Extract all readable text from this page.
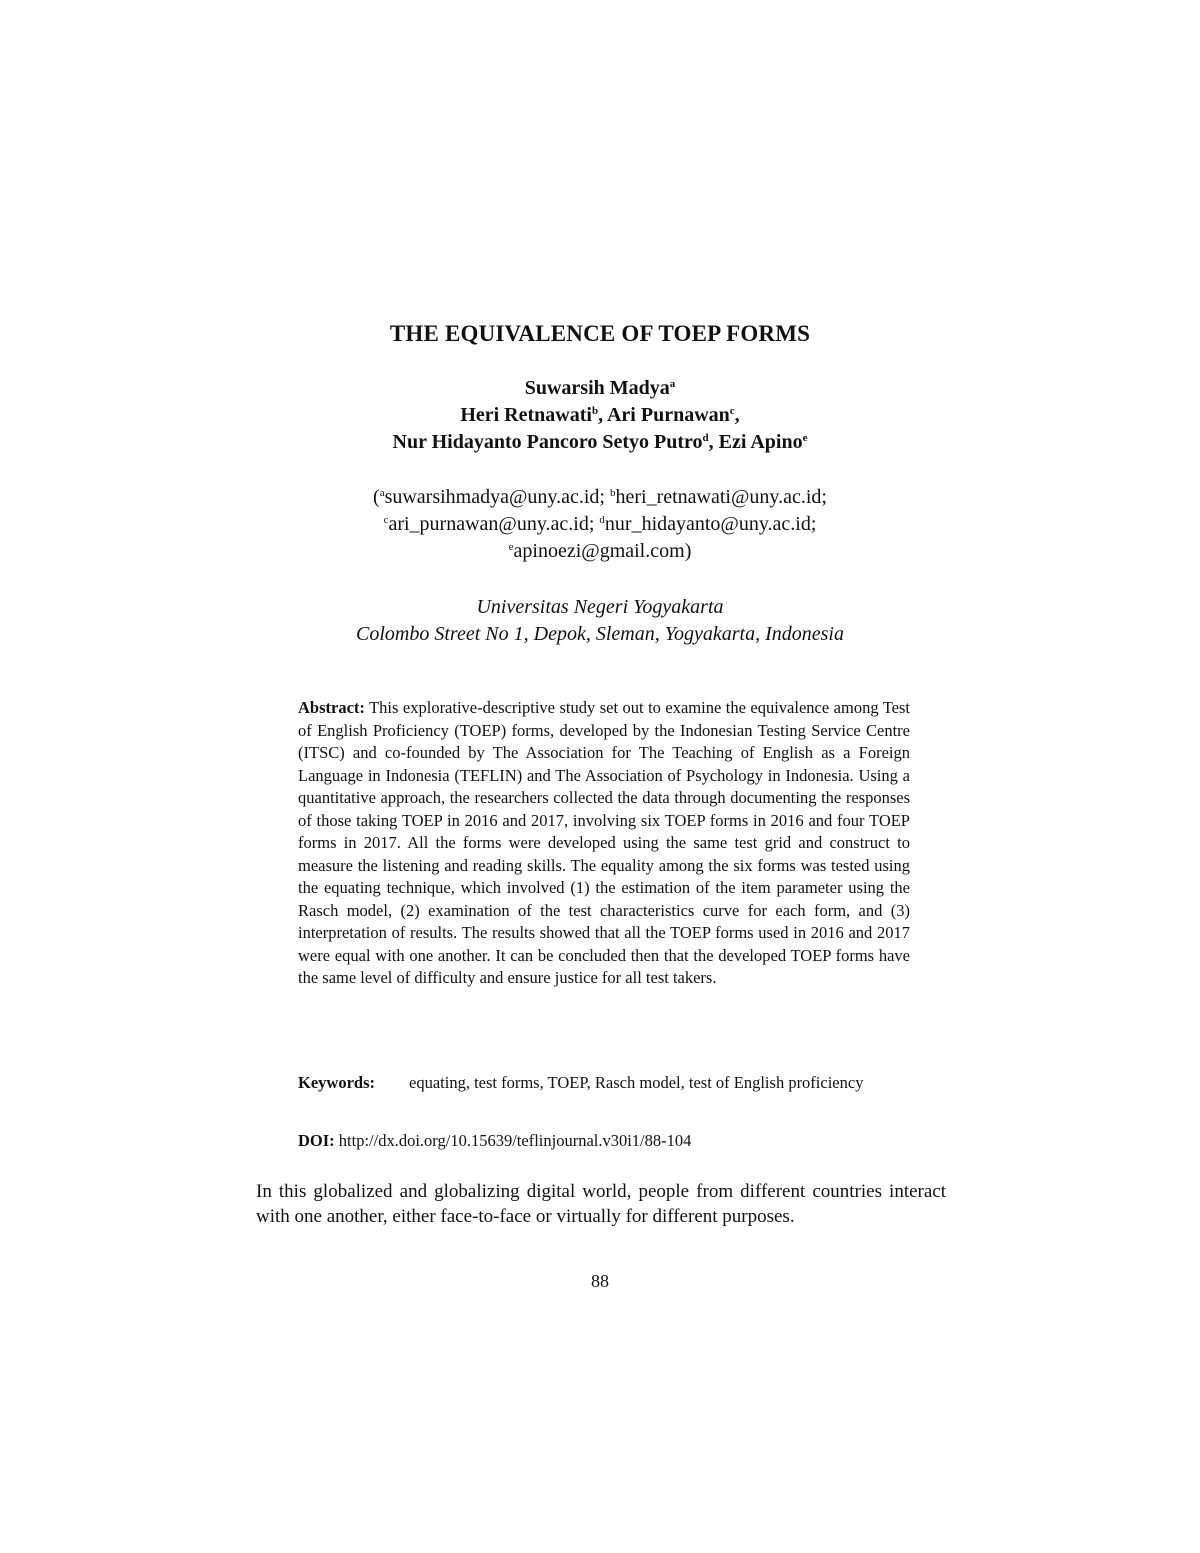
THE EQUIVALENCE OF TOEP FORMS
Suwarsih Madya$^a$
Heri Retnawati$^b$, Ari Purnawan$^c$,
Nur Hidayanto Pancoro Setyo Putro$^d$, Ezi Apino$^e$
($^a$suwarsihmadya@uny.ac.id; $^b$heri_retnawati@uny.ac.id;
$^c$ari_purnawan@uny.ac.id; $^d$nur_hidayanto@uny.ac.id;
$^e$apinoezi@gmail.com)
Universitas Negeri Yogyakarta
Colombo Street No 1, Depok, Sleman, Yogyakarta, Indonesia

Abstract: This explorative-descriptive study set out to examine the equivalence among Test of English Proficiency (TOEP) forms, developed by the Indonesian Testing Service Centre (ITSC) and co-founded by The Association for The Teaching of English as a Foreign Language in Indonesia (TEFLIN) and The Association of Psychology in Indonesia. Using a quantitative approach, the researchers collected the data through documenting the responses of those taking TOEP in 2016 and 2017, involving six TOEP forms in 2016 and four TOEP forms in 2017. All the forms were developed using the same test grid and construct to measure the listening and reading skills. The equality among the six forms was tested using the equating technique, which involved (1) the estimation of the item parameter using the Rasch model, (2) examination of the test characteristics curve for each form, and (3) interpretation of results. The results showed that all the TOEP forms used in 2016 and 2017 were equal with one another. It can be concluded then that the developed TOEP forms have the same level of difficulty and ensure justice for all test takers.

Keywords:	equating, test forms, TOEP, Rasch model, test of English proficiency
DOI: http://dx.doi.org/10.15639/teflinjournal.v30i1/88-104

In this globalized and globalizing digital world, people from different countries interact with one another, either face-to-face or virtually for different purposes.

88
